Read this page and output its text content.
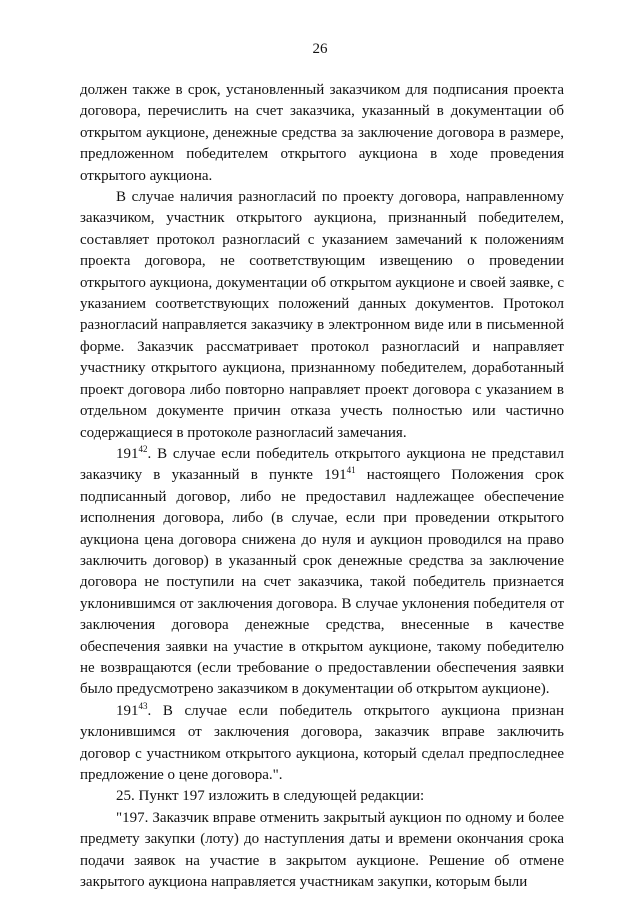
26

должен также в срок, установленный заказчиком для подписания проекта договора, перечислить на счет заказчика, указанный в документации об открытом аукционе, денежные средства за заключение договора в размере, предложенном победителем открытого аукциона в ходе проведения открытого аукциона.

В случае наличия разногласий по проекту договора, направленному заказчиком, участник открытого аукциона, признанный победителем, составляет протокол разногласий с указанием замечаний к положениям проекта договора, не соответствующим извещению о проведении открытого аукциона, документации об открытом аукционе и своей заявке, с указанием соответствующих положений данных документов. Протокол разногласий направляется заказчику в электронном виде или в письменной форме. Заказчик рассматривает протокол разногласий и направляет участнику открытого аукциона, признанному победителем, доработанный проект договора либо повторно направляет проект договора с указанием в отдельном документе причин отказа учесть полностью или частично содержащиеся в протоколе разногласий замечания.

$191^{42}$. В случае если победитель открытого аукциона не представил заказчику в указанный в пункте $191^{41}$ настоящего Положения срок подписанный договор, либо не предоставил надлежащее обеспечение исполнения договора, либо (в случае, если при проведении открытого аукциона цена договора снижена до нуля и аукцион проводился на право заключить договор) в указанный срок денежные средства за заключение договора не поступили на счет заказчика, такой победитель признается уклонившимся от заключения договора. В случае уклонения победителя от заключения договора денежные средства, внесенные в качестве обеспечения заявки на участие в открытом аукционе, такому победителю не возвращаются (если требование о предоставлении обеспечения заявки было предусмотрено заказчиком в документации об открытом аукционе).

$191^{43}$. В случае если победитель открытого аукциона признан уклонившимся от заключения договора, заказчик вправе заключить договор с участником открытого аукциона, который сделал предпоследнее предложение о цене договора.".

25. Пункт 197 изложить в следующей редакции:

"197. Заказчик вправе отменить закрытый аукцион по одному и более предмету закупки (лоту) до наступления даты и времени окончания срока подачи заявок на участие в закрытом аукционе. Решение об отмене закрытого аукциона направляется участникам закупки, которым были
